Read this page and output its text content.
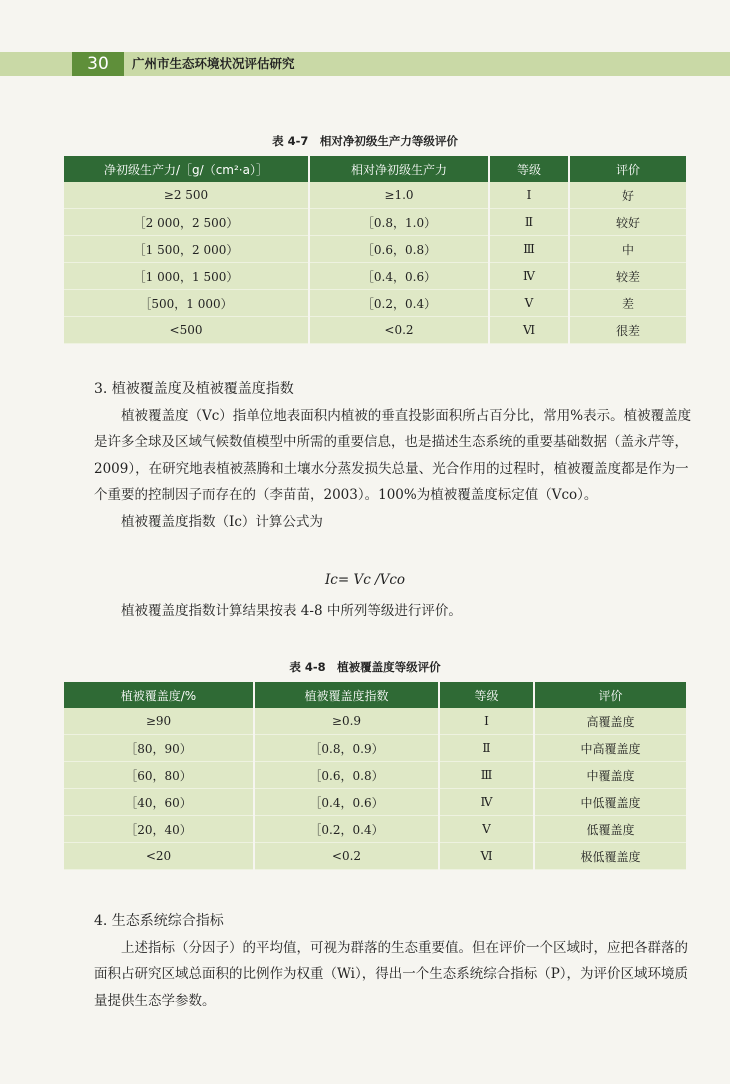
30	广州市生态环境状况评估研究
表 4-7　相对净初级生产力等级评价
净初级生产力/［g/（cm²·a）］	相对净初级生产力	等级	评价
≥2 500	≥1.0	Ⅰ	好
［2 000，2 500）	［0.8，1.0）	Ⅱ	较好
［1 500，2 000）	［0.6，0.8）	Ⅲ	中
［1 000，1 500）	［0.4，0.6）	Ⅳ	较差
［500，1 000）	［0.2，0.4）	Ⅴ	差
<500	<0.2	Ⅵ	很差

3. 植被覆盖度及植被覆盖度指数

植被覆盖度（Vc）指单位地表面积内植被的垂直投影面积所占百分比，常用%表示。植被覆盖度是许多全球及区域气候数值模型中所需的重要信息，也是描述生态系统的重要基础数据（盖永芹等，2009），在研究地表植被蒸腾和土壤水分蒸发损失总量、光合作用的过程时，植被覆盖度都是作为一个重要的控制因子而存在的（李苗苗，2003）。100%为植被覆盖度标定值（Vco）。

植被覆盖度指数（Ic）计算公式为

Ic= Vc /Vco

植被覆盖度指数计算结果按表 4-8 中所列等级进行评价。

表 4-8　植被覆盖度等级评价
植被覆盖度/%	植被覆盖度指数	等级	评价
≥90	≥0.9	Ⅰ	高覆盖度
［80，90）	［0.8，0.9）	Ⅱ	中高覆盖度
［60，80）	［0.6，0.8）	Ⅲ	中覆盖度
［40，60）	［0.4，0.6）	Ⅳ	中低覆盖度
［20，40）	［0.2，0.4）	Ⅴ	低覆盖度
<20	<0.2	Ⅵ	极低覆盖度

4. 生态系统综合指标

上述指标（分因子）的平均值，可视为群落的生态重要值。但在评价一个区域时，应把各群落的面积占研究区域总面积的比例作为权重（Wi），得出一个生态系统综合指标（P），为评价区域环境质量提供生态学参数。
